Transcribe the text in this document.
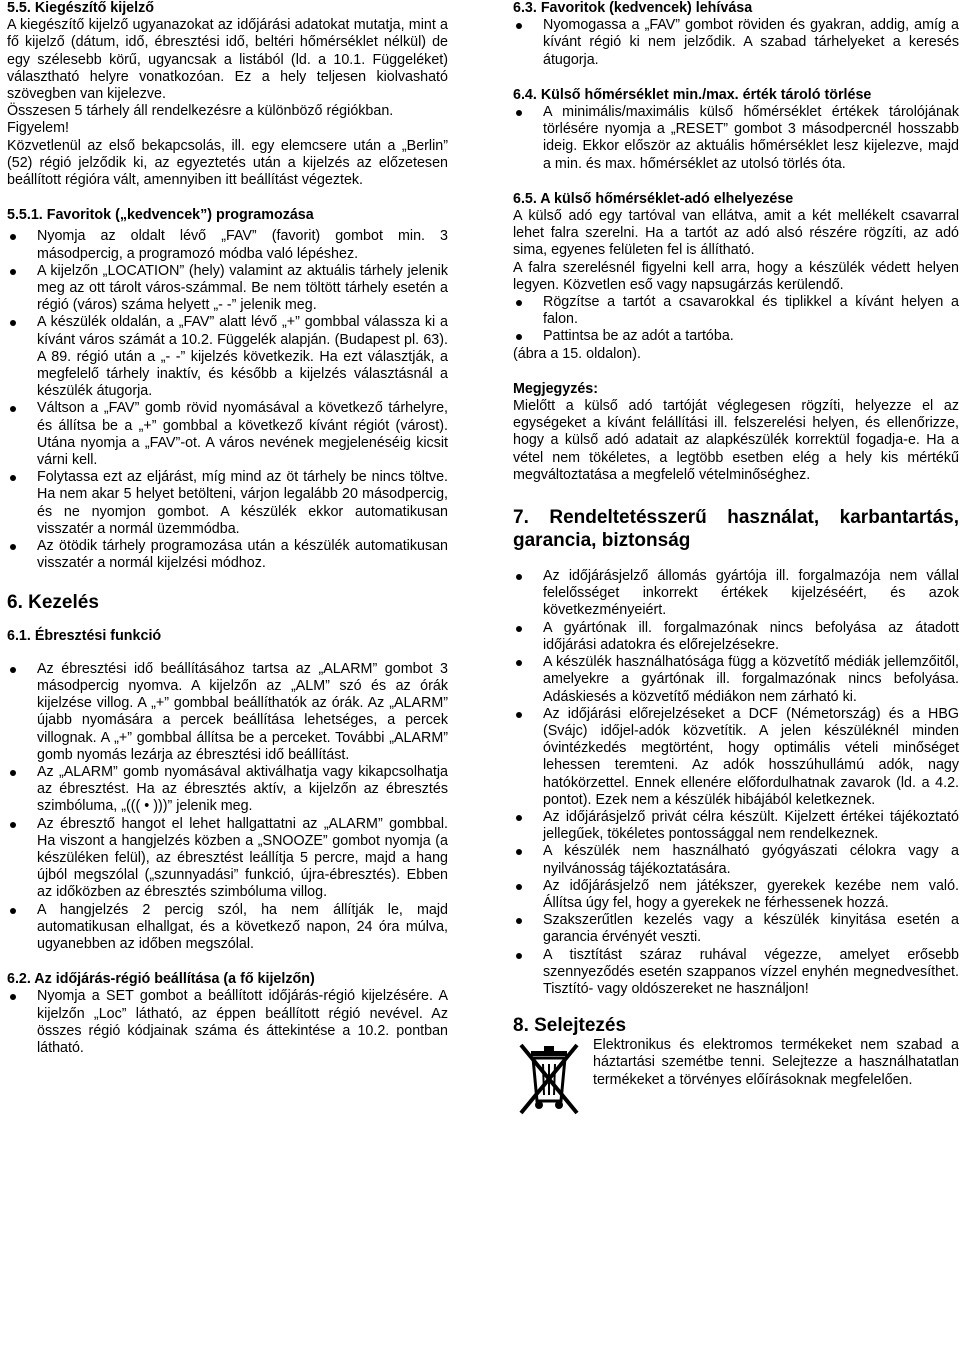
5.5. Kiegészítő kijelző

A kiegészítő kijelző ugyanazokat az időjárási adatokat mutatja, mint a fő kijelző (dátum, idő, ébresztési idő, beltéri hőmérséklet nélkül) de egy szélesebb körű, ugyancsak a listából (ld. a 10.1. Függeléket) választható helyre vonatkozóan. Ez a hely teljesen kiolvasható szövegben van kijelezve.

Összesen 5 tárhely áll rendelkezésre a különböző régiókban.

Figyelem!

Közvetlenül az első bekapcsolás, ill. egy elemcsere után a „Berlin” (52) régió jelződik ki, az egyeztetés után a kijelzés az előzetesen beállított régióra vált, amennyiben itt beállítást végeztek.

5.5.1. Favoritok („kedvencek”) programozása

Nyomja az oldalt lévő „FAV” (favorit) gombot min. 3 másodpercig, a programozó módba való lépéshez.
A kijelzőn „LOCATION” (hely) valamint az aktuális tárhely jelenik meg az ott tárolt város-számmal. Be nem töltött tárhely esetén a régió (város) száma helyett „- -” jelenik meg.
A készülék oldalán, a „FAV” alatt lévő „+” gombbal válassza ki a kívánt város számát a 10.2. Függelék alapján. (Budapest pl. 63). A 89. régió után a „- -” kijelzés következik. Ha ezt választják, a megfelelő tárhely inaktív, és később a kijelzés választásnál a készülék átugorja.
Váltson a „FAV” gomb rövid nyomásával a következő tárhelyre, és állítsa be a „+” gombbal a következő kívánt régiót (várost). Utána nyomja a „FAV”-ot. A város nevének megjelenéséig kicsit várni kell.
Folytassa ezt az eljárást, míg mind az öt tárhely be nincs töltve. Ha nem akar 5 helyet betölteni, várjon legalább 20 másodpercig, és ne nyomjon gombot. A készülék ekkor automatikusan visszatér a normál üzemmódba.
Az ötödik tárhely programozása után a készülék automatikusan visszatér a normál kijelzési módhoz.

6. Kezelés

6.1. Ébresztési funkció

Az ébresztési idő beállításához tartsa az „ALARM” gombot 3 másodpercig nyomva. A kijelzőn az „ALM” szó és az órák kijelzése villog. A „+” gombbal beállíthatók az órák. Az „ALARM” újabb nyomására a percek beállítása lehetséges, a percek villognak. A „+” gombbal állítsa be a perceket. További „ALARM” gomb nyomás lezárja az ébresztési idő beállítást.
Az „ALARM” gomb nyomásával aktiválhatja vagy kikapcsolhatja az ébresztést. Ha az ébresztés aktív, a kijelzőn az ébresztés szimbóluma, „((( • )))” jelenik meg.
Az ébresztő hangot el lehet hallgattatni az „ALARM” gombbal. Ha viszont a hangjelzés közben a „SNOOZE” gombot nyomja (a készüléken felül), az ébresztést leállítja 5 percre, majd a hang újból megszólal („szunnyadási” funkció, újra-ébresztés). Ebben az időközben az ébresztés szimbóluma villog.
A hangjelzés 2 percig szól, ha nem állítják le, majd automatikusan elhallgat, és a következő napon, 24 óra múlva, ugyanebben az időben megszólal.

6.2. Az időjárás-régió beállítása (a fő kijelzőn)

Nyomja a SET gombot a beállított időjárás-régió kijelzésére. A kijelzőn „Loc” látható, az éppen beállított régió nevével. Az összes régió kódjainak száma és áttekintése a 10.2. pontban látható.

6.3. Favoritok (kedvencek) lehívása

Nyomogassa a „FAV” gombot röviden és gyakran, addig, amíg a kívánt régió ki nem jelződik. A szabad tárhelyeket a keresés átugorja.

6.4. Külső hőmérséklet min./max. érték tároló törlése

A minimális/maximális külső hőmérséklet értékek tárolójának törlésére nyomja a „RESET” gombot 3 másodpercnél hosszabb ideig. Ekkor először az aktuális hőmérséklet lesz kijelezve, majd a min. és max. hőmérséklet az utolsó törlés óta.

6.5. A külső hőmérséklet-adó elhelyezése

A külső adó egy tartóval van ellátva, amit a két mellékelt csavarral lehet falra szerelni. Ha a tartót az adó alsó részére rögzíti, az adó sima, egyenes felületen fel is állítható.

A falra szerelésnél figyelni kell arra, hogy a készülék védett helyen legyen. Közvetlen eső vagy napsugárzás kerülendő.

Rögzítse a tartót a csavarokkal és tiplikkel a kívánt helyen a falon.
Pattintsa be az adót a tartóba.

(ábra a 15. oldalon).

Megjegyzés:

Mielőtt a külső adó tartóját véglegesen rögzíti, helyezze el az egységeket a kívánt felállítási ill. felszerelési helyen, és ellenőrizze, hogy a külső adó adatait az alapkészülék korrektül fogadja-e. Ha a vétel nem tökéletes, a legtöbb esetben elég a hely kis mértékű megváltoztatása a megfelelő vételminőséghez.

7. Rendeltetésszerű használat, karbantartás, garancia, biztonság

Az időjárásjelző állomás gyártója ill. forgalmazója nem vállal felelősséget inkorrekt értékek kijelzéséért, és azok következményeiért.
A gyártónak ill. forgalmazónak nincs befolyása az átadott időjárási adatokra és előrejelzésekre.
A készülék használhatósága függ a közvetítő médiák jellemzőitől, amelyekre a gyártónak ill. forgalmazónak nincs befolyása. Adáskiesés a közvetítő médiákon nem zárható ki.
Az időjárási előrejelzéseket a DCF (Németország) és a HBG (Svájc) időjel-adók közvetítik. A jelen készüléknél minden óvintézkedés megtörtént, hogy optimális vételi minőséget lehessen teremteni. Az adók hosszúhullámú adók, nagy hatókörzettel. Ennek ellenére előfordulhatnak zavarok (ld. a 4.2. pontot). Ezek nem a készülék hibájából keletkeznek.
Az időjárásjelző privát célra készült. Kijelzett értékei tájékoztató jellegűek, tökéletes pontossággal nem rendelkeznek.
A készülék nem használható gyógyászati célokra vagy a nyilvánosság tájékoztatására.
Az időjárásjelző nem játékszer, gyerekek kezébe nem való. Állítsa úgy fel, hogy a gyerekek ne férhessenek hozzá.
Szakszerűtlen kezelés vagy a készülék kinyitása esetén a garancia érvényét veszti.
A tisztítást száraz ruhával végezze, amelyet erősebb szennyeződés esetén szappanos vízzel enyhén megnedvesíthet. Tisztító- vagy oldószereket ne használjon!

8. Selejtezés

Elektronikus és elektromos termékeket nem szabad a háztartási szemétbe tenni. Selejtezze a használhatatlan termékeket a törvényes előírásoknak megfelelően.
